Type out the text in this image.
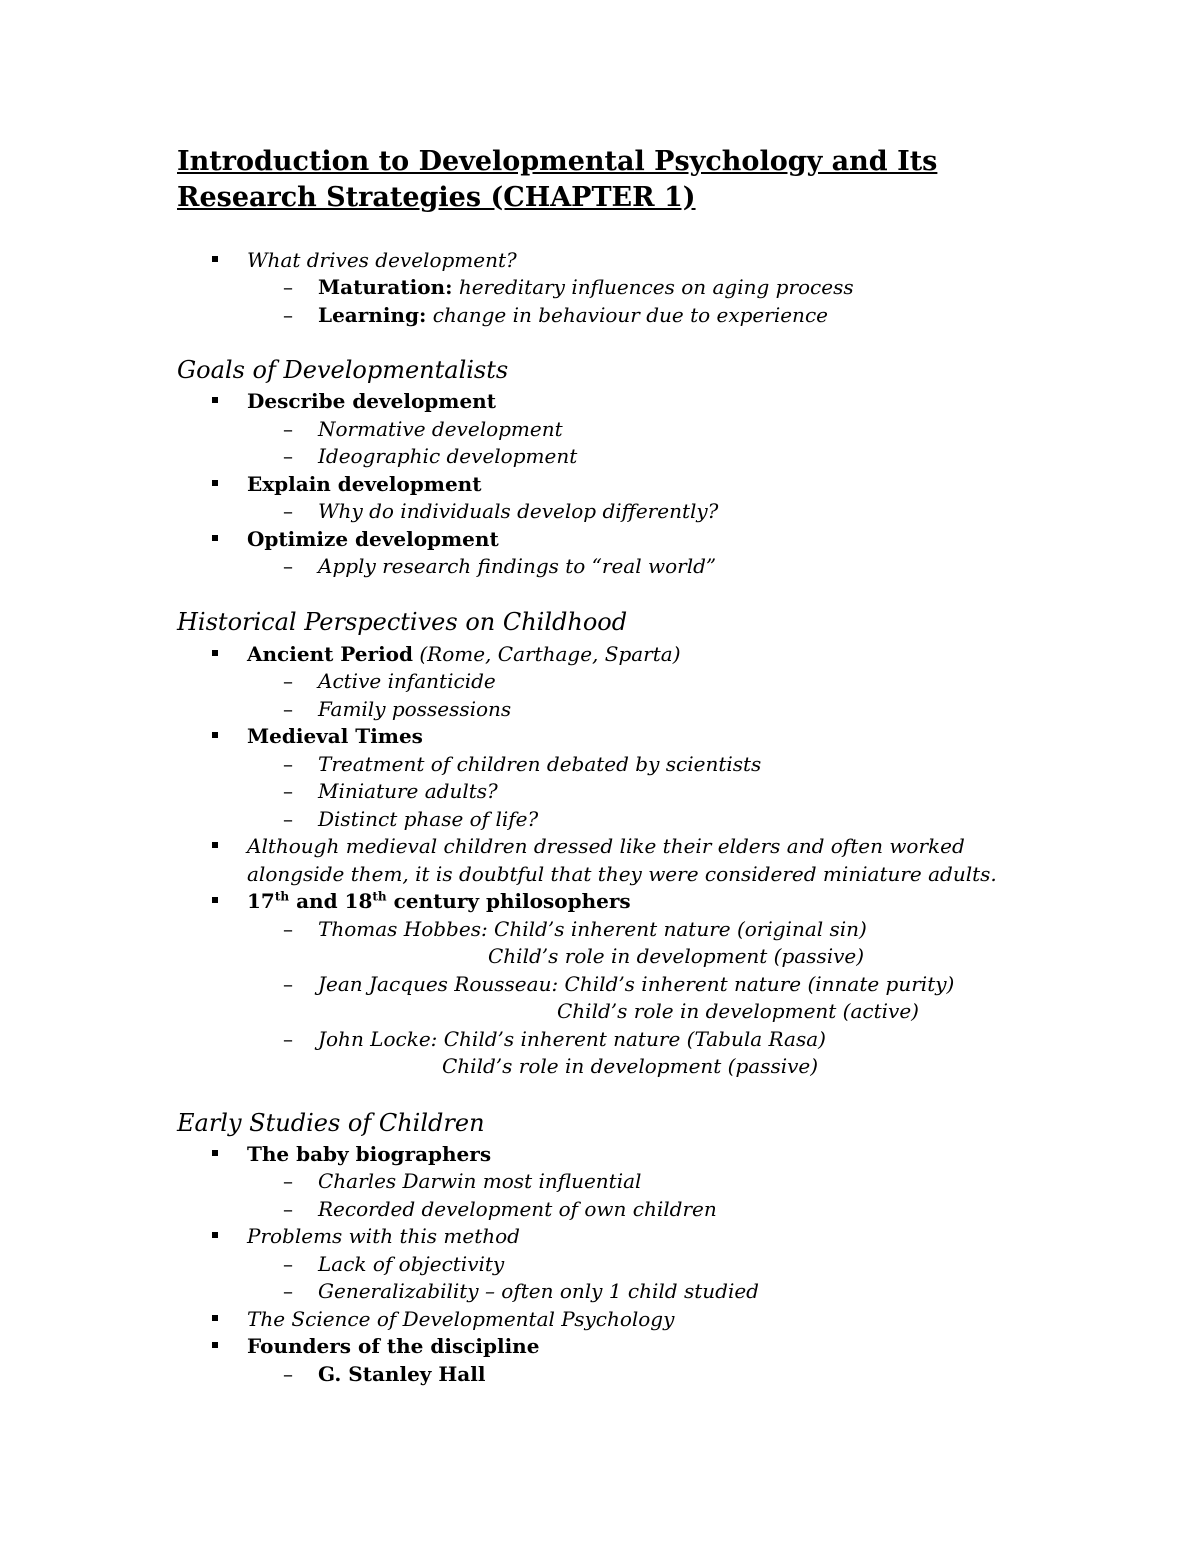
Introduction to Developmental Psychology and Its
Research Strategies (CHAPTER 1)
What drives development?
– Maturation: hereditary influences on aging process
– Learning: change in behaviour due to experience
Goals of Developmentalists
Describe development
– Normative development
– Ideographic development
Explain development
– Why do individuals develop differently?
Optimize development
– Apply research findings to “real world”
Historical Perspectives on Childhood
Ancient Period (Rome, Carthage, Sparta)
– Active infanticide
– Family possessions
Medieval Times
– Treatment of children debated by scientists
– Miniature adults?
– Distinct phase of life?
Although medieval children dressed like their elders and often worked
alongside them, it is doubtful that they were considered miniature adults.
17th and 18th century philosophers
– Thomas Hobbes: Child’s inherent nature (original sin)
Child’s role in development (passive)
– Jean Jacques Rousseau: Child’s inherent nature (innate purity)
Child’s role in development (active)
– John Locke: Child’s inherent nature (Tabula Rasa)
Child’s role in development (passive)
Early Studies of Children
The baby biographers
– Charles Darwin most influential
– Recorded development of own children
Problems with this method
– Lack of objectivity
– Generalizability – often only 1 child studied
The Science of Developmental Psychology
Founders of the discipline
– G. Stanley Hall
